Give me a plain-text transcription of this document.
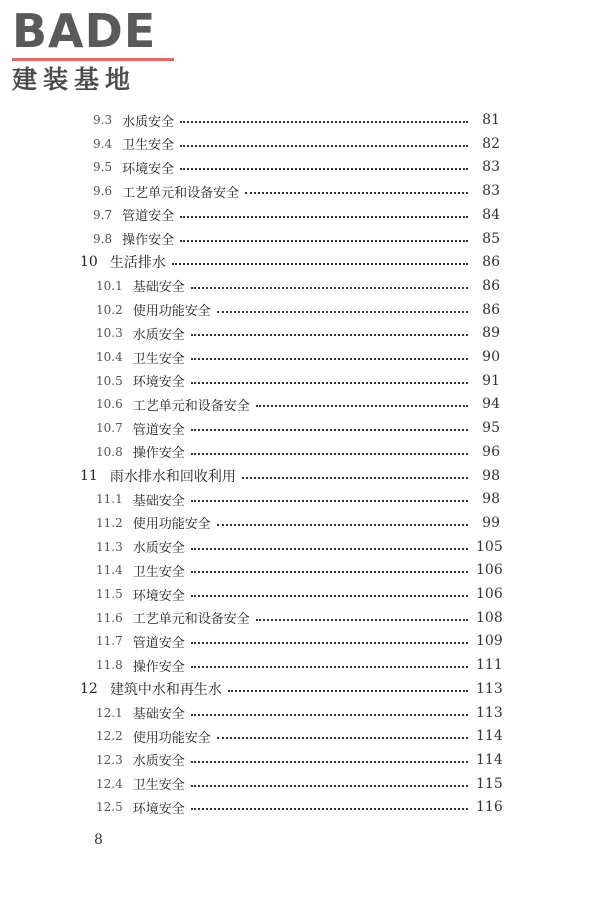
BADE
建装基地
9.3 水质安全	81
9.4 卫生安全	82
9.5 环境安全	83
9.6 工艺单元和设备安全	83
9.7 管道安全	84
9.8 操作安全	85
10 生活排水	86
10.1 基础安全	86
10.2 使用功能安全	86
10.3 水质安全	89
10.4 卫生安全	90
10.5 环境安全	91
10.6 工艺单元和设备安全	94
10.7 管道安全	95
10.8 操作安全	96
11 雨水排水和回收利用	98
11.1 基础安全	98
11.2 使用功能安全	99
11.3 水质安全	105
11.4 卫生安全	106
11.5 环境安全	106
11.6 工艺单元和设备安全	108
11.7 管道安全	109
11.8 操作安全	111
12 建筑中水和再生水	113
12.1 基础安全	113
12.2 使用功能安全	114
12.3 水质安全	114
12.4 卫生安全	115
12.5 环境安全	116
8
